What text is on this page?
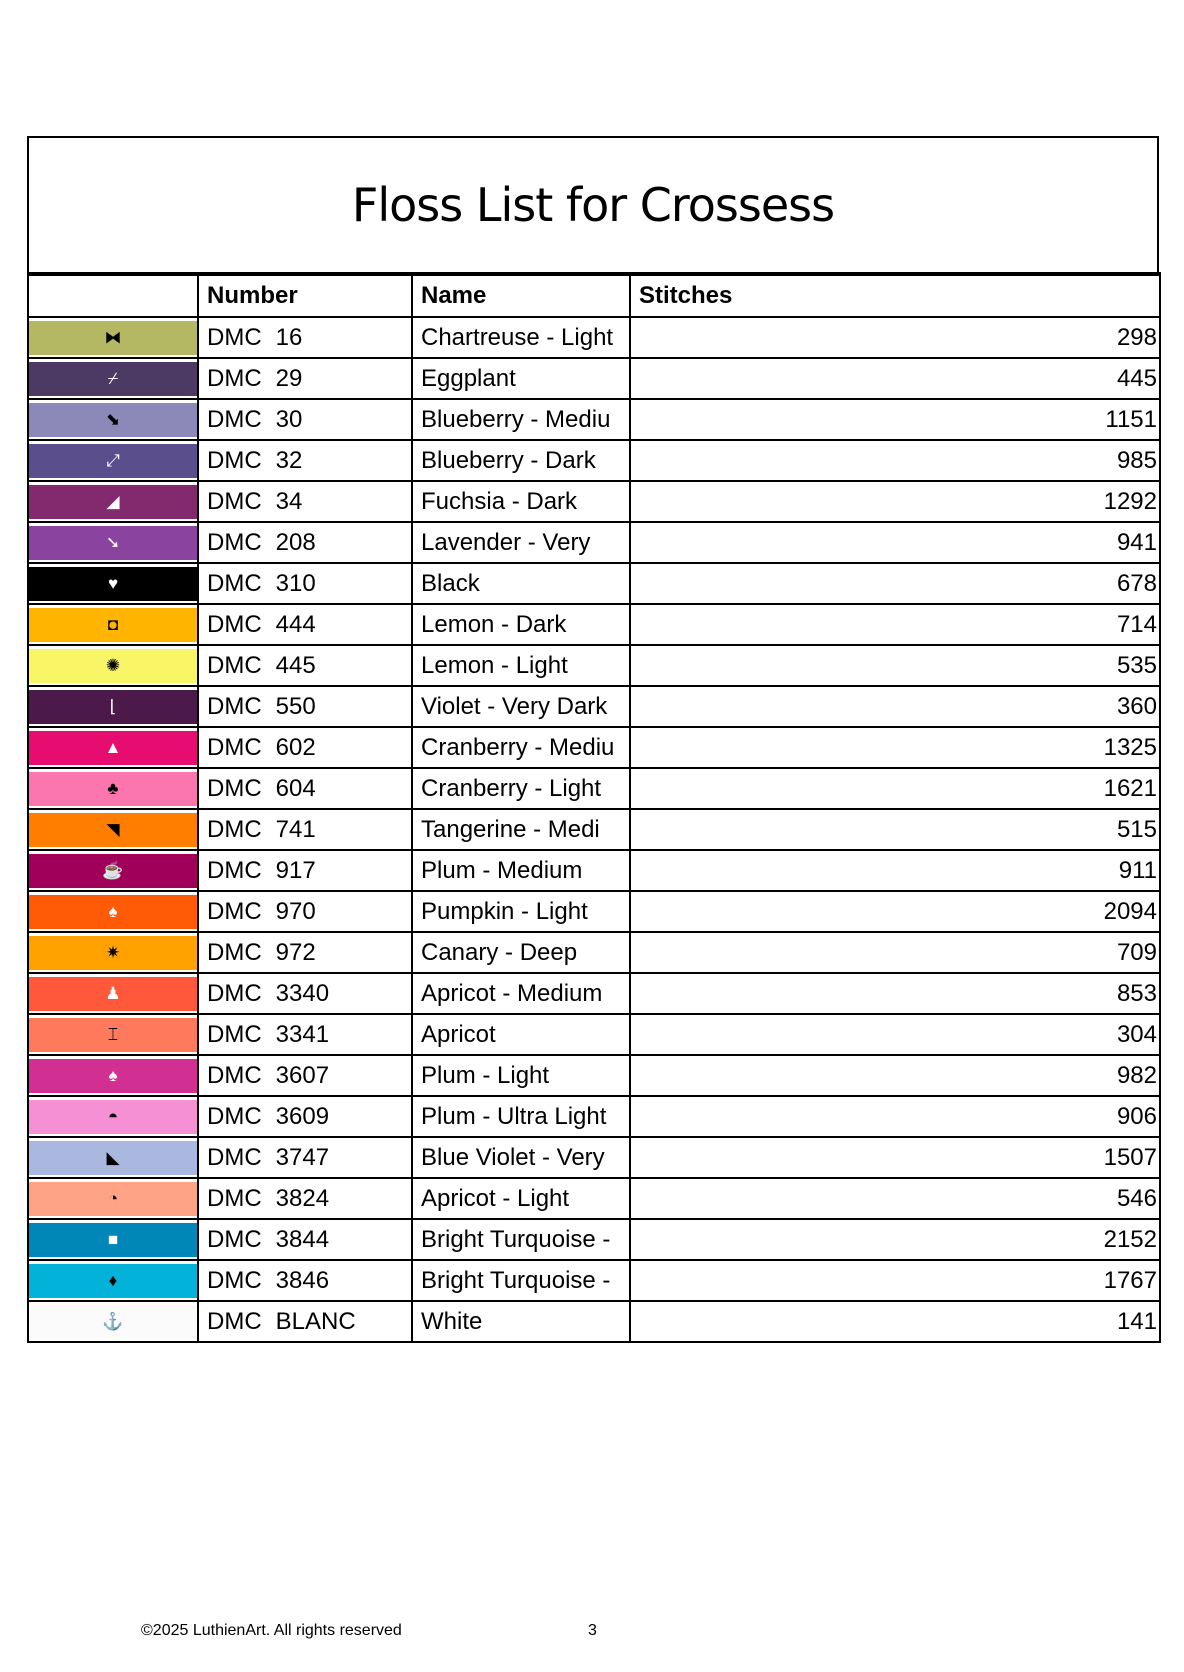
Floss List for Crossess
	Number	Name	Stitches

⧓	DMC 16	Chartreuse - Light	298

⌿	DMC 29	Eggplant	445

⬊	DMC 30	Blueberry - Mediu	1151

⤢	DMC 32	Blueberry - Dark	985

◢	DMC 34	Fuchsia - Dark	1292

➘	DMC 208	Lavender - Very	941

♥	DMC 310	Black	678

◘	DMC 444	Lemon - Dark	714

✺	DMC 445	Lemon - Light	535

⌊	DMC 550	Violet - Very Dark	360

▲	DMC 602	Cranberry - Mediu	1325

♣	DMC 604	Cranberry - Light	1621

◥	DMC 741	Tangerine - Medi	515

☕	DMC 917	Plum - Medium	911

♠	DMC 970	Pumpkin - Light	2094

✷	DMC 972	Canary - Deep	709

♟	DMC 3340	Apricot - Medium	853

⌶	DMC 3341	Apricot	304

♠	DMC 3607	Plum - Light	982

◓	DMC 3609	Plum - Ultra Light	906

◣	DMC 3747	Blue Violet - Very	1507

◔	DMC 3824	Apricot - Light	546

■	DMC 3844	Bright Turquoise -	2152

♦	DMC 3846	Bright Turquoise -	1767

⚓	DMC BLANC	White	141
©2025 LuthienArt. All rights reserved	3
